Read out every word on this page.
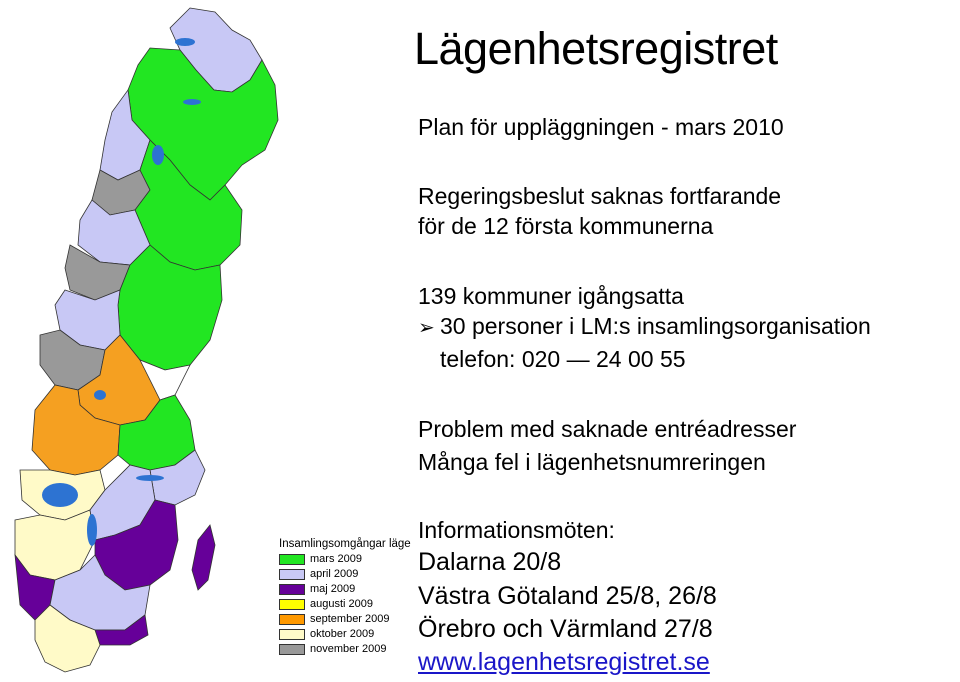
Insamlingsomgångar läge
mars 2009
april 2009
maj 2009
augusti 2009
september 2009
oktober 2009
november 2009
Lägenhetsregistret
Plan för uppläggningen - mars 2010
Regeringsbeslut saknas fortfarande
för de 12 första kommunerna
139 kommuner igångsatta
➢ 30 personer i LM:s insamlingsorganisation
telefon: 020 — 24 00 55
Problem med saknade entréadresser
Många fel i lägenhetsnumreringen
Informationsmöten:
Dalarna 20/8
Västra Götaland 25/8, 26/8
Örebro och Värmland 27/8
www.lagenhetsregistret.se
